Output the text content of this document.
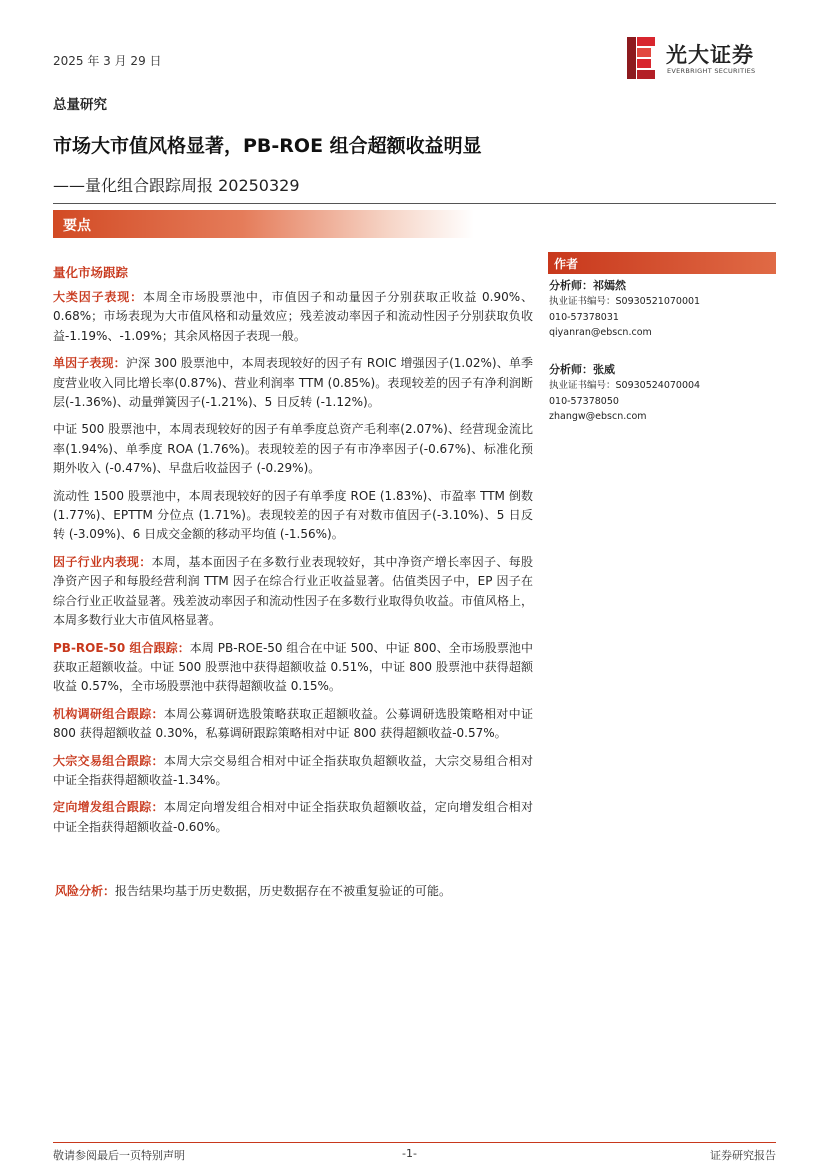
2025 年 3 月 29 日	光大证券
EVERBRIGHT SECURITIES
总量研究
市场大市值风格显著，PB-ROE 组合超额收益明显
——量化组合跟踪周报 20250329
要点
量化市场跟踪

大类因子表现：本周全市场股票池中，市值因子和动量因子分别获取正收益 0.90%、0.68%；市场表现为大市值风格和动量效应；残差波动率因子和流动性因子分别获取负收益-1.19%、-1.09%；其余风格因子表现一般。

单因子表现：沪深 300 股票池中，本周表现较好的因子有 ROIC 增强因子(1.02%)、单季度营业收入同比增长率(0.87%)、营业利润率 TTM (0.85%)。表现较差的因子有净利润断层(-1.36%)、动量弹簧因子(-1.21%)、5 日反转 (-1.12%)。

中证 500 股票池中，本周表现较好的因子有单季度总资产毛利率(2.07%)、经营现金流比率(1.94%)、单季度 ROA (1.76%)。表现较差的因子有市净率因子(-0.67%)、标准化预期外收入 (-0.47%)、早盘后收益因子 (-0.29%)。

流动性 1500 股票池中，本周表现较好的因子有单季度 ROE (1.83%)、市盈率 TTM 倒数(1.77%)、EPTTM 分位点 (1.71%)。表现较差的因子有对数市值因子(-3.10%)、5 日反转 (-3.09%)、6 日成交金额的移动平均值 (-1.56%)。

因子行业内表现：本周，基本面因子在多数行业表现较好，其中净资产增长率因子、每股净资产因子和每股经营利润 TTM 因子在综合行业正收益显著。估值类因子中，EP 因子在综合行业正收益显著。残差波动率因子和流动性因子在多数行业取得负收益。市值风格上，本周多数行业大市值风格显著。

PB-ROE-50 组合跟踪：本周 PB-ROE-50 组合在中证 500、中证 800、全市场股票池中获取正超额收益。中证 500 股票池中获得超额收益 0.51%，中证 800 股票池中获得超额收益 0.57%，全市场股票池中获得超额收益 0.15%。

机构调研组合跟踪：本周公募调研选股策略获取正超额收益。公募调研选股策略相对中证 800 获得超额收益 0.30%，私募调研跟踪策略相对中证 800 获得超额收益-0.57%。

大宗交易组合跟踪：本周大宗交易组合相对中证全指获取负超额收益，大宗交易组合相对中证全指获得超额收益-1.34%。

定向增发组合跟踪：本周定向增发组合相对中证全指获取负超额收益，定向增发组合相对中证全指获得超额收益-0.60%。

风险分析：报告结果均基于历史数据，历史数据存在不被重复验证的可能。
作者
分析师：祁嫣然
执业证书编号：S0930521070001
010-57378031
qiyanran@ebscn.com
分析师：张威
执业证书编号：S0930524070004
010-57378050
zhangw@ebscn.com
敬请参阅最后一页特别声明	-1-	证券研究报告
